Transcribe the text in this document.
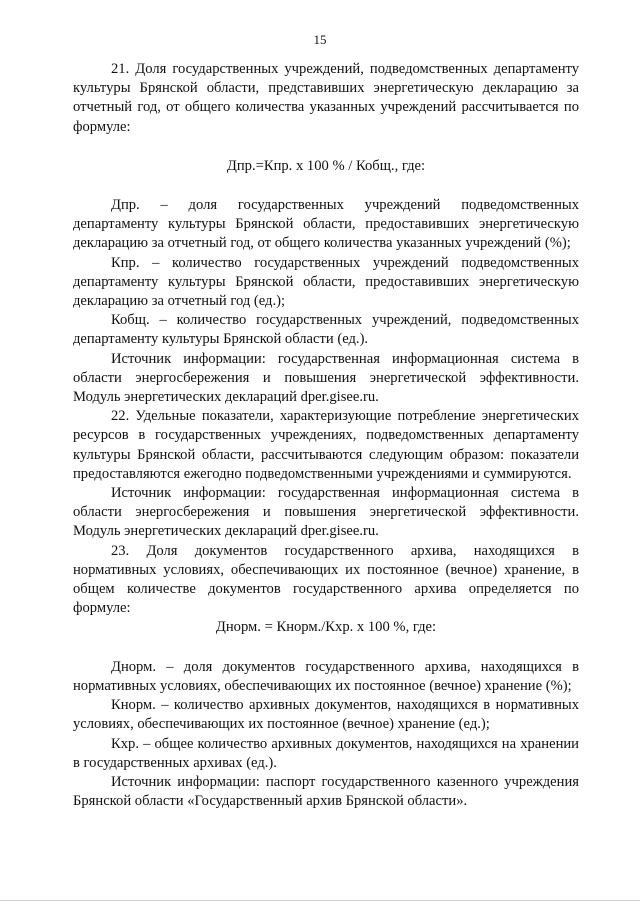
15

21. Доля государственных учреждений, подведомственных департаменту культуры Брянской области, представивших энергетическую декларацию за отчетный год, от общего количества указанных учреждений рассчитывается по формуле:

Дпр.=Кпр. х 100 % / Кобщ., где:

Дпр. – доля государственных учреждений подведомственных департаменту культуры Брянской области, предоставивших энергетическую декларацию за отчетный год, от общего количества указанных учреждений (%);

Кпр. – количество государственных учреждений подведомственных департаменту культуры Брянской области, предоставивших энергетическую декларацию за отчетный год (ед.);

Кобщ. – количество государственных учреждений, подведомственных департаменту культуры Брянской области (ед.).

Источник информации: государственная информационная система в области энергосбережения и повышения энергетической эффективности. Модуль энергетических деклараций dper.gisee.ru.

22. Удельные показатели, характеризующие потребление энергетических ресурсов в государственных учреждениях, подведомственных департаменту культуры Брянской области, рассчитываются следующим образом: показатели предоставляются ежегодно подведомственными учреждениями и суммируются.

Источник информации: государственная информационная система в области энергосбережения и повышения энергетической эффективности. Модуль энергетических деклараций dper.gisee.ru.

23. Доля документов государственного архива, находящихся в нормативных условиях, обеспечивающих их постоянное (вечное) хранение, в общем количестве документов государственного архива определяется по формуле:

Днорм. = Кнорм./Кхр. х 100 %, где:

Днорм. – доля документов государственного архива, находящихся в нормативных условиях, обеспечивающих их постоянное (вечное) хранение (%);

Кнорм. – количество архивных документов, находящихся в нормативных условиях, обеспечивающих их постоянное (вечное) хранение (ед.);

Кхр. – общее количество архивных документов, находящихся на хранении в государственных архивах (ед.).

Источник информации: паспорт государственного казенного учреждения Брянской области «Государственный архив Брянской области».
